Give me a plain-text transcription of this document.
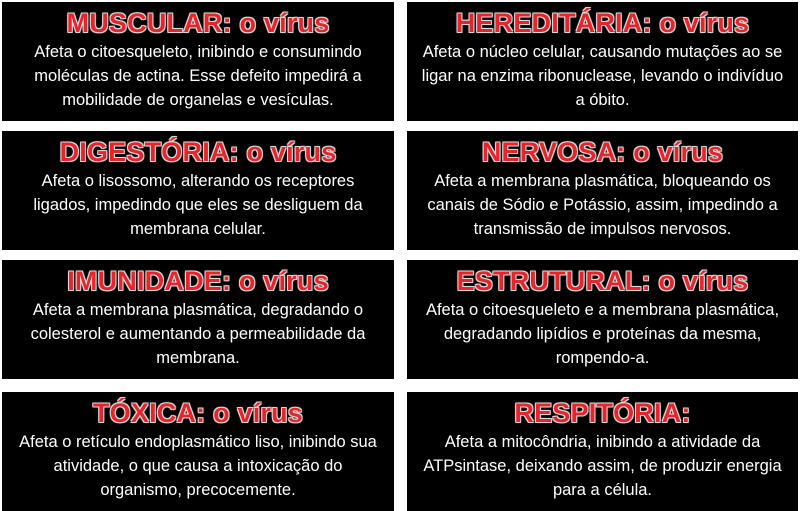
MUSCULAR: o vírus
Afeta o citoesqueleto, inibindo e consumindo moléculas de actina. Esse defeito impedirá a mobilidade de organelas e vesículas.
HEREDITÁRIA: o vírus
Afeta o núcleo celular, causando mutações ao se ligar na enzima ribonuclease, levando o indivíduo a óbito.
DIGESTÓRIA: o vírus
Afeta o lisossomo, alterando os receptores ligados, impedindo que eles se desliguem da membrana celular.
NERVOSA: o vírus
Afeta a membrana plasmática, bloqueando os canais de Sódio e Potássio, assim, impedindo a transmissão de impulsos nervosos.
IMUNIDADE: o vírus
Afeta a membrana plasmática, degradando o colesterol e aumentando a permeabilidade da membrana.
ESTRUTURAL: o vírus
Afeta o citoesqueleto e a membrana plasmática, degradando lipídios e proteínas da mesma, rompendo-a.
TÓXICA: o vírus
Afeta o retículo endoplasmático liso, inibindo sua atividade, o que causa a intoxicação do organismo, precocemente.
RESPITÓRIA:
Afeta a mitocôndria, inibindo a atividade da ATPsintase, deixando assim, de produzir energia para a célula.
